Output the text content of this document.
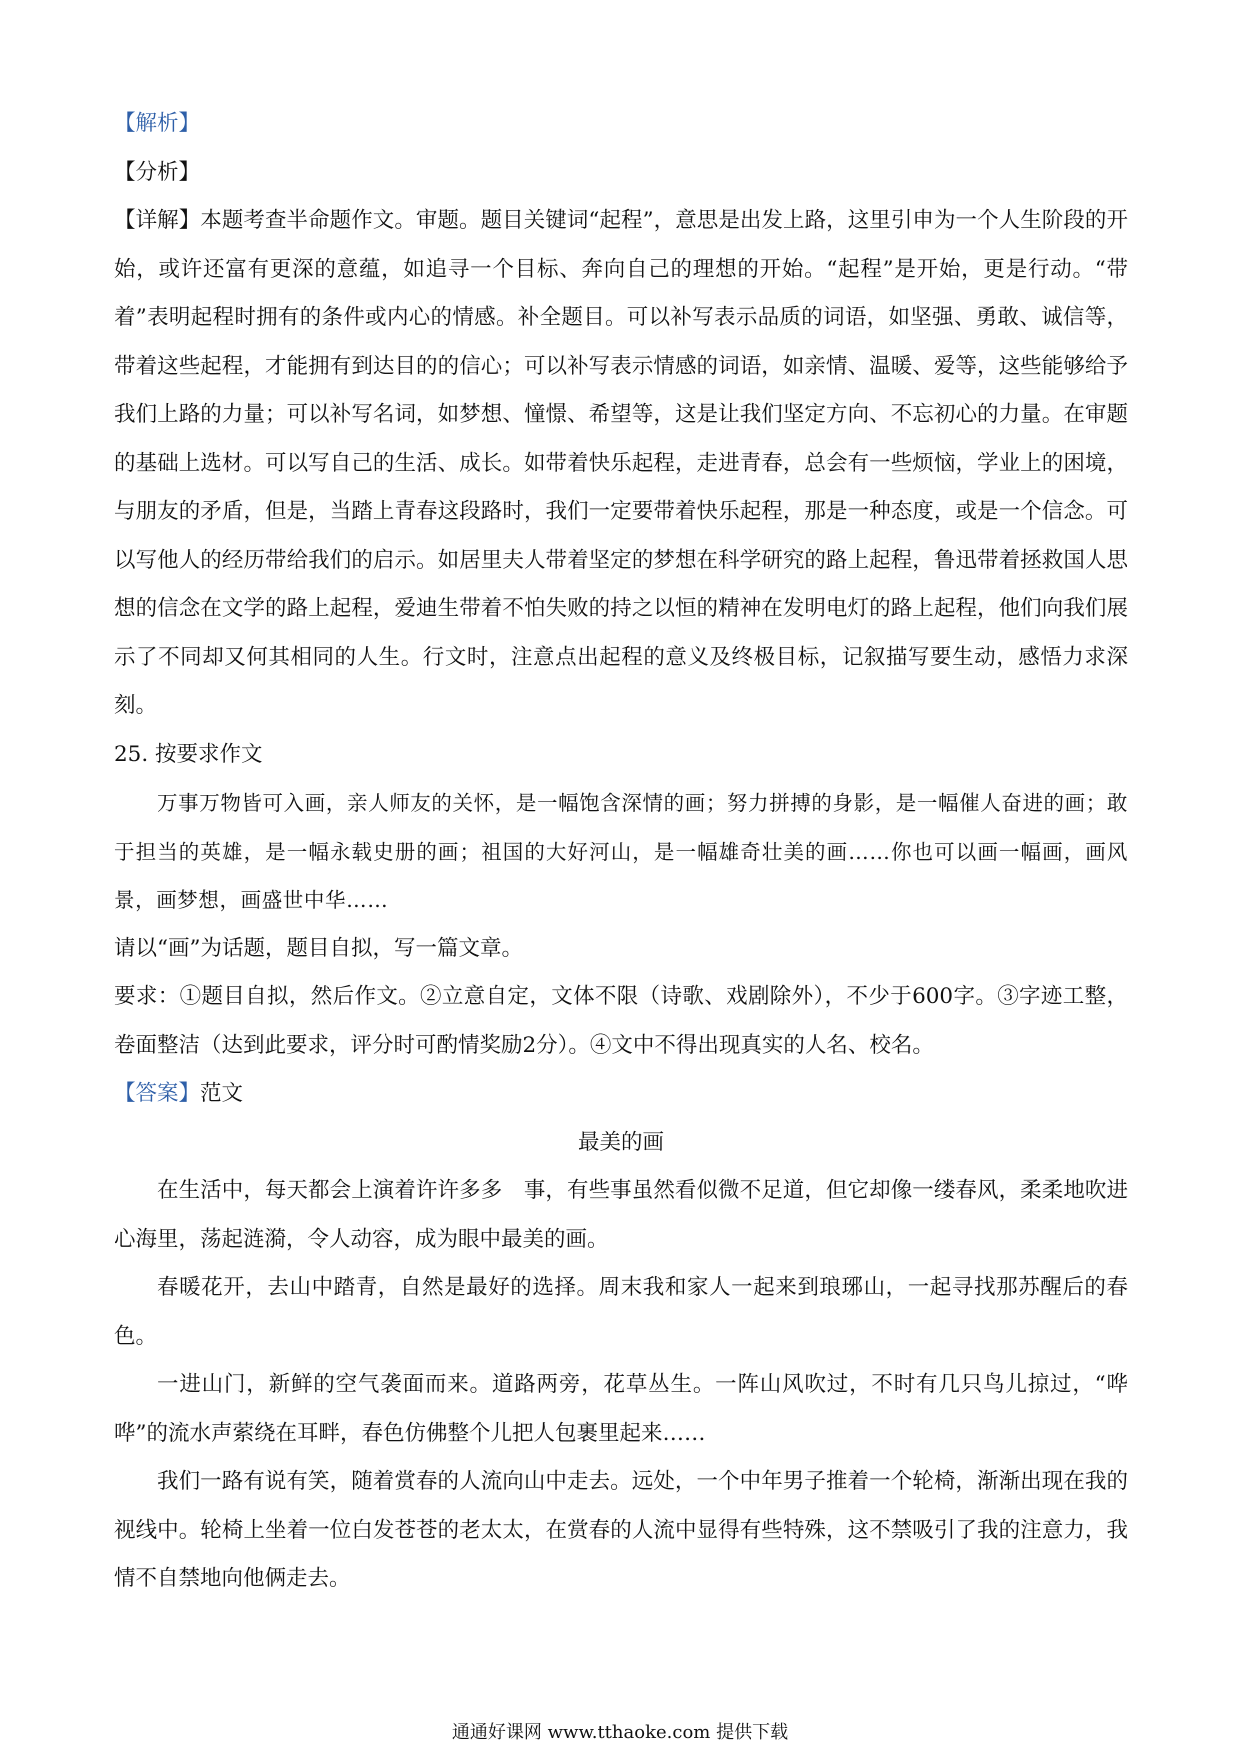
【解析】

【分析】

【详解】本题考查半命题作文。审题。题目关键词“起程”，意思是出发上路，这里引申为一个人生阶段的开始，或许还富有更深的意蕴，如追寻一个目标、奔向自己的理想的开始。“起程”是开始，更是行动。“带着”表明起程时拥有的条件或内心的情感。补全题目。可以补写表示品质的词语，如坚强、勇敢、诚信等，带着这些起程，才能拥有到达目的的信心；可以补写表示情感的词语，如亲情、温暖、爱等，这些能够给予我们上路的力量；可以补写名词，如梦想、憧憬、希望等，这是让我们坚定方向、不忘初心的力量。在审题的基础上选材。可以写自己的生活、成长。如带着快乐起程，走进青春，总会有一些烦恼，学业上的困境，与朋友的矛盾，但是，当踏上青春这段路时，我们一定要带着快乐起程，那是一种态度，或是一个信念。可以写他人的经历带给我们的启示。如居里夫人带着坚定的梦想在科学研究的路上起程，鲁迅带着拯救国人思想的信念在文学的路上起程，爱迪生带着不怕失败的持之以恒的精神在发明电灯的路上起程，他们向我们展示了不同却又何其相同的人生。行文时，注意点出起程的意义及终极目标，记叙描写要生动，感悟力求深刻。

25. 按要求作文

万事万物皆可入画，亲人师友的关怀，是一幅饱含深情的画；努力拼搏的身影，是一幅催人奋进的画；敢于担当的英雄，是一幅永载史册的画；祖国的大好河山，是一幅雄奇壮美的画……你也可以画一幅画，画风景，画梦想，画盛世中华……

请以“画”为话题，题目自拟，写一篇文章。

要求：①题目自拟，然后作文。②立意自定，文体不限（诗歌、戏剧除外），不少于600字。③字迹工整，卷面整洁（达到此要求，评分时可酌情奖励2分）。④文中不得出现真实的人名、校名。

【答案】范文

最美的画

在生活中，每天都会上演着许许多多　事，有些事虽然看似微不足道，但它却像一缕春风，柔柔地吹进心海里，荡起涟漪，令人动容，成为眼中最美的画。

春暖花开，去山中踏青，自然是最好的选择。周末我和家人一起来到琅琊山，一起寻找那苏醒后的春色。

一进山门，新鲜的空气袭面而来。道路两旁，花草丛生。一阵山风吹过，不时有几只鸟儿掠过，“哗哗”的流水声萦绕在耳畔，春色仿佛整个儿把人包裹里起来……

我们一路有说有笑，随着赏春的人流向山中走去。远处，一个中年男子推着一个轮椅，渐渐出现在我的视线中。轮椅上坐着一位白发苍苍的老太太，在赏春的人流中显得有些特殊，这不禁吸引了我的注意力，我情不自禁地向他俩走去。

通通好课网 www.tthaoke.com 提供下载
